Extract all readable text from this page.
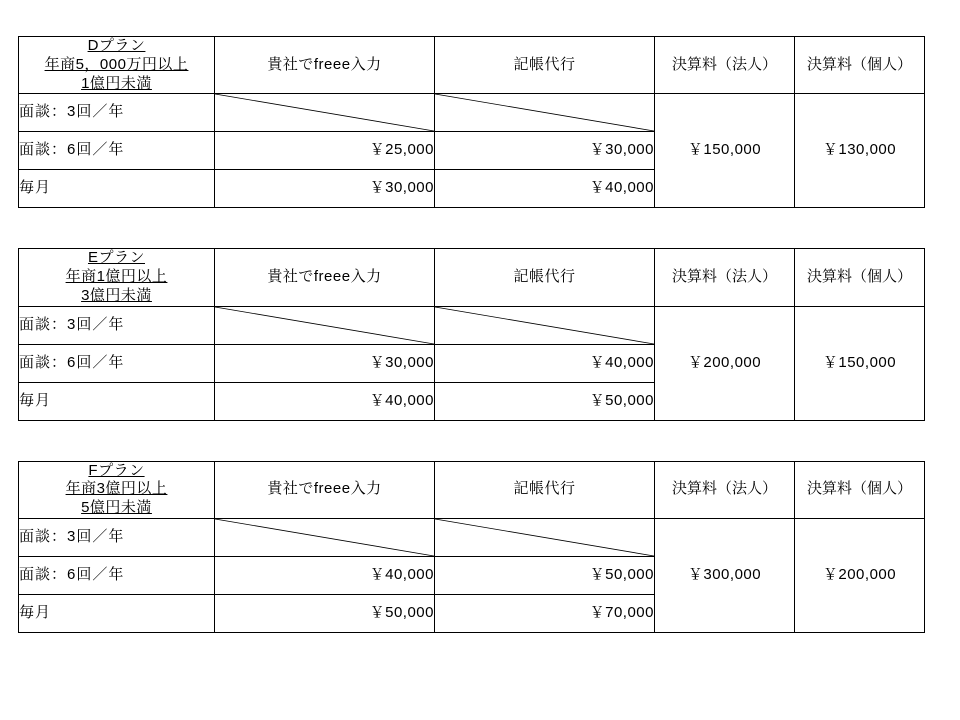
Dプラン
年商5，000万円以上
1億円未満	貴社でfreee入力	記帳代行	決算料（法人）	決算料（個人）
面談：3回／年			￥150,000	￥130,000
面談：6回／年	￥25,000	￥30,000		
毎月	￥30,000	￥40,000		
Eプラン
年商1億円以上
3億円未満	貴社でfreee入力	記帳代行	決算料（法人）	決算料（個人）
面談：3回／年			￥200,000	￥150,000
面談：6回／年	￥30,000	￥40,000		
毎月	￥40,000	￥50,000		
Fプラン
年商3億円以上
5億円未満	貴社でfreee入力	記帳代行	決算料（法人）	決算料（個人）
面談：3回／年			￥300,000	￥200,000
面談：6回／年	￥40,000	￥50,000		
毎月	￥50,000	￥70,000		
